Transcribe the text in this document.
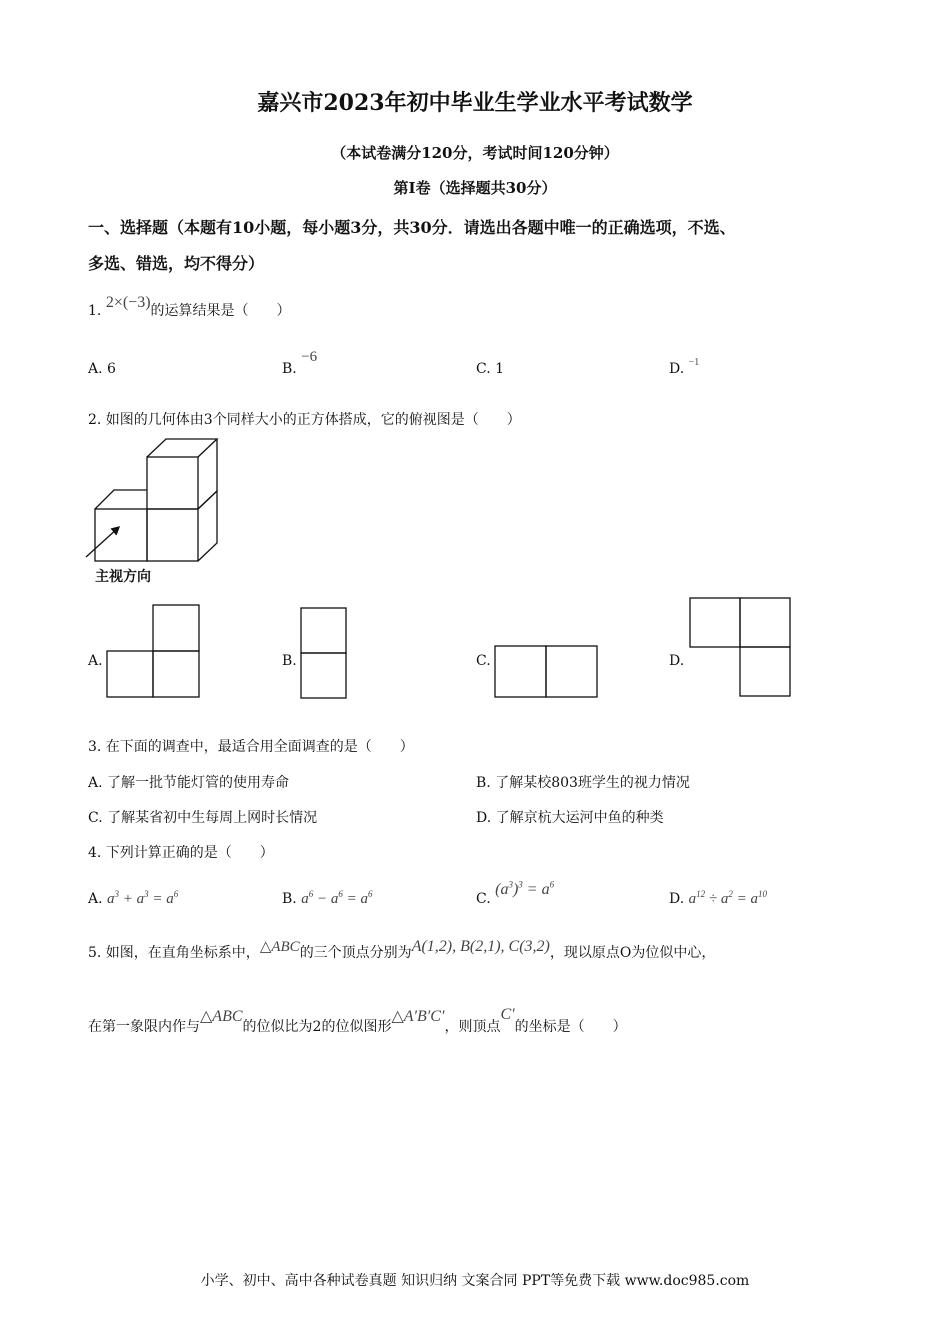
嘉兴市2023年初中毕业生学业水平考试数学
（本试卷满分120分，考试时间120分钟）
第I卷（选择题共30分）
一、选择题（本题有10小题，每小题3分，共30分．请选出各题中唯一的正确选项，不选、
多选、错选，均不得分）
1. 2×(−3)的运算结果是（　　）
A. 6	B. −6
C. 1	D. $^{-1}$
2. 如图的几何体由3个同样大小的正方体搭成，它的俯视图是（　　）
主视方向
A.	B.	C.	D.
3. 在下面的调查中，最适合用全面调查的是（　　）
A. 了解一批节能灯管的使用寿命	B. 了解某校803班学生的视力情况
C. 了解某省初中生每周上网时长情况	D. 了解京杭大运河中鱼的种类
4. 下列计算正确的是（　　）
A. $a^3 + a^3 = a^6$	B. $a^6 - a^6 = a^6$	C. $(a^3)^3 = a^6$
D. $a^{12} \div a^2 = a^{10}$
5. 如图，在直角坐标系中，△ABC的三个顶点分别为A(1,2), B(2,1), C(3,2)，现以原点O为位似中心，
在第一象限内作与△ABC的位似比为2的位似图形△A′B′C′，则顶点C′的坐标是（　　）
小学、初中、高中各种试卷真题 知识归纳 文案合同 PPT等免费下载 www.doc985.com
